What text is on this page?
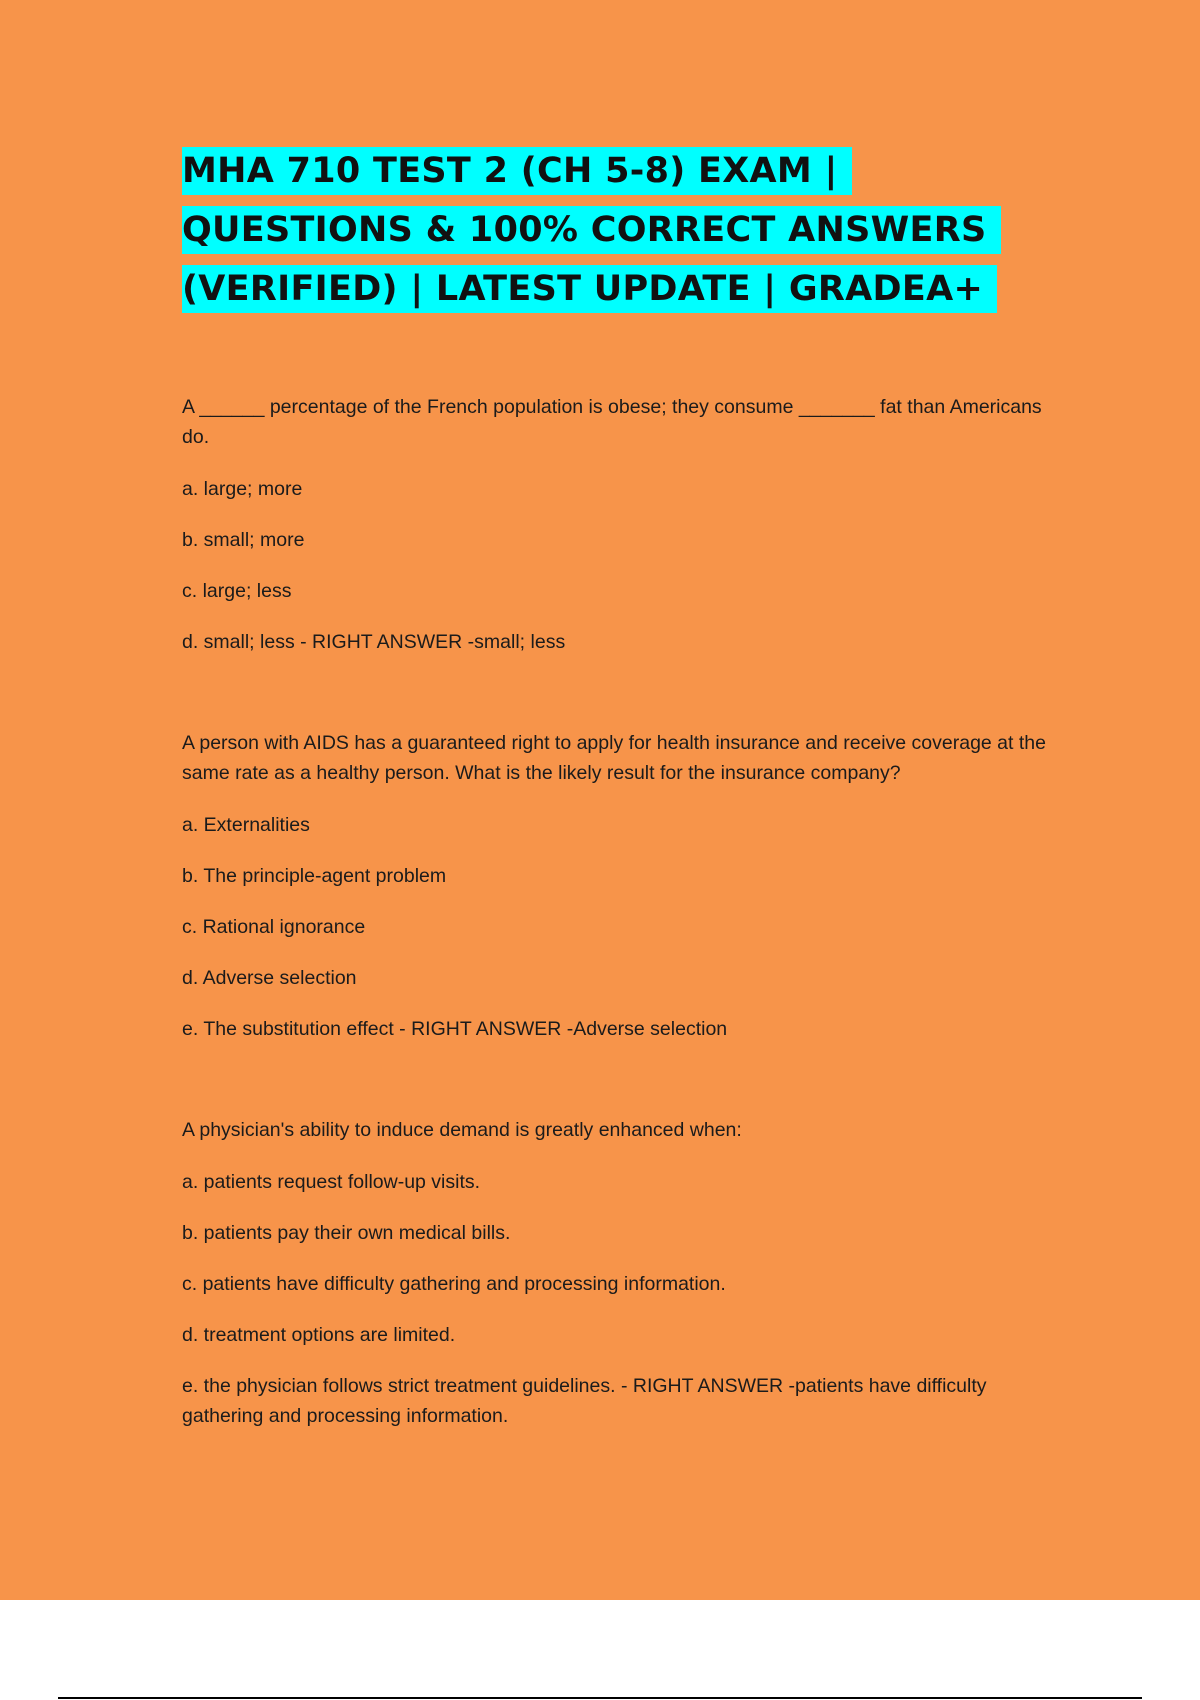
MHA 710 TEST 2 (CH 5-8) EXAM |
QUESTIONS & 100% CORRECT ANSWERS
(VERIFIED) | LATEST UPDATE | GRADEA+

A ______ percentage of the French population is obese; they consume _______ fat than Americans do.

a. large; more

b. small; more

c. large; less

d. small; less - RIGHT ANSWER -small; less

A person with AIDS has a guaranteed right to apply for health insurance and receive coverage at the same rate as a healthy person. What is the likely result for the insurance company?

a. Externalities

b. The principle-agent problem

c. Rational ignorance

d. Adverse selection

e. The substitution effect - RIGHT ANSWER -Adverse selection

A physician's ability to induce demand is greatly enhanced when:

a. patients request follow-up visits.

b. patients pay their own medical bills.

c. patients have difficulty gathering and processing information.

d. treatment options are limited.

e. the physician follows strict treatment guidelines. - RIGHT ANSWER -patients have difficulty gathering and processing information.
